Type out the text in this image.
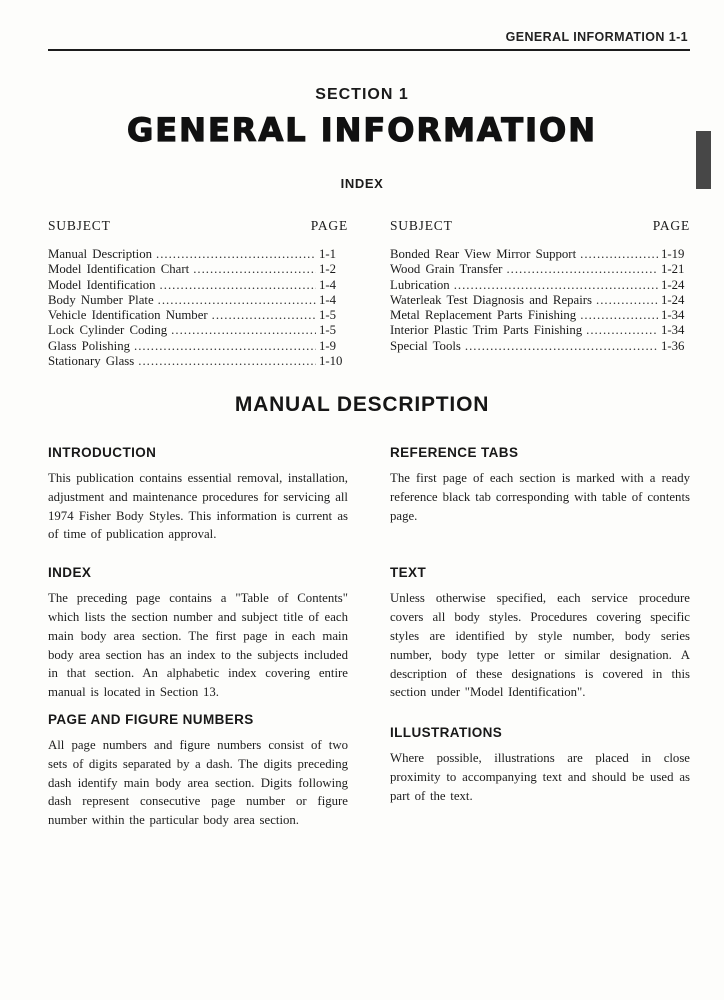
GENERAL INFORMATION 1-1
SECTION 1
GENERAL INFORMATION
INDEX
SUBJECT	PAGE
Manual Description .....	1-1
Model Identification Chart .....	1-2
Model Identification .....	1-4
Body Number Plate .....	1-4
Vehicle Identification Number .....	1-5
Lock Cylinder Coding .....	1-5
Glass Polishing .....	1-9
Stationary Glass .....	1-10
SUBJECT	PAGE
Bonded Rear View Mirror Support .....	1-19
Wood Grain Transfer .....	1-21
Lubrication .....	1-24
Waterleak Test Diagnosis and Repairs .....	1-24
Metal Replacement Parts Finishing .....	1-34
Interior Plastic Trim Parts Finishing .....	1-34
Special Tools .....	1-36
MANUAL DESCRIPTION
INTRODUCTION
This publication contains essential removal, installation, adjustment and maintenance procedures for servicing all 1974 Fisher Body Styles. This information is current as of time of publication approval.
INDEX
The preceding page contains a "Table of Contents" which lists the section number and subject title of each main body area section. The first page in each main body area section has an index to the subjects included in that section. An alphabetic index covering entire manual is located in Section 13.
PAGE AND FIGURE NUMBERS
All page numbers and figure numbers consist of two sets of digits separated by a dash. The digits preceding dash identify main body area section. Digits following dash represent consecutive page number or figure number within the particular body area section.
REFERENCE TABS
The first page of each section is marked with a ready reference black tab corresponding with table of contents page.
TEXT
Unless otherwise specified, each service procedure covers all body styles. Procedures covering specific styles are identified by style number, body series number, body type letter or similar designation. A description of these designations is covered in this section under "Model Identification".
ILLUSTRATIONS
Where possible, illustrations are placed in close proximity to accompanying text and should be used as part of the text.
